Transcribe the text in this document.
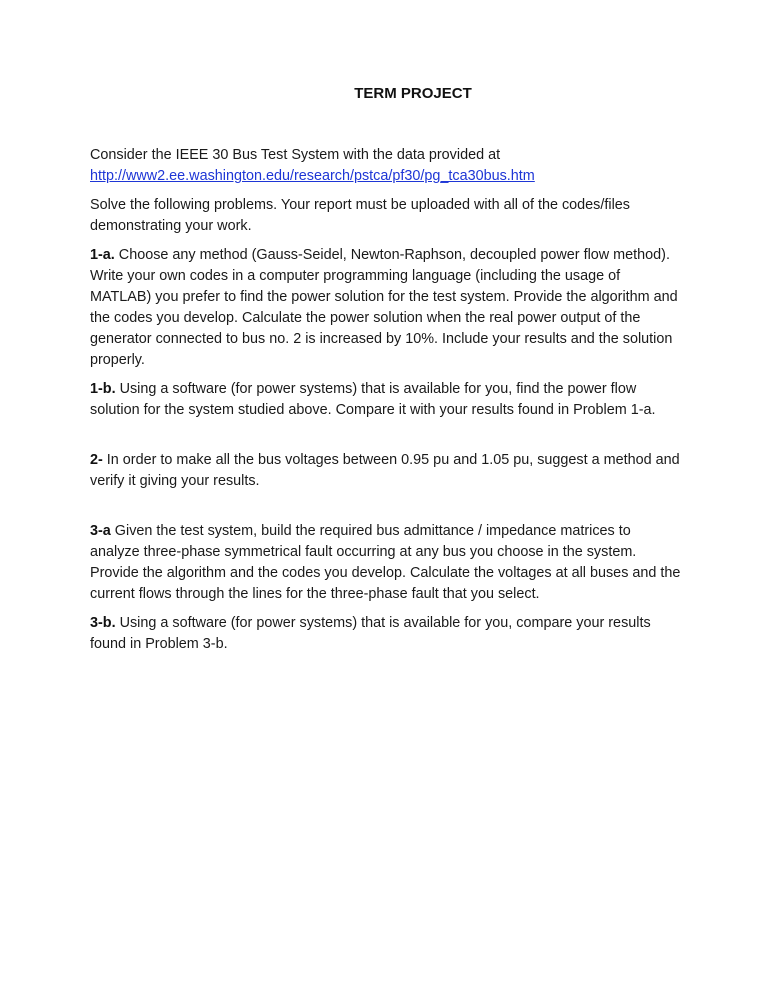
TERM PROJECT

Consider the IEEE 30 Bus Test System with the data provided at
http://www2.ee.washington.edu/research/pstca/pf30/pg_tca30bus.htm

Solve the following problems. Your report must be uploaded with all of the codes/files demonstrating your work.

1-a. Choose any method (Gauss-Seidel, Newton-Raphson, decoupled power flow method). Write your own codes in a computer programming language (including the usage of MATLAB) you prefer to find the power solution for the test system. Provide the algorithm and the codes you develop. Calculate the power solution when the real power output of the generator connected to bus no. 2 is increased by 10%. Include your results and the solution properly.

1-b. Using a software (for power systems) that is available for you, find the power flow solution for the system studied above. Compare it with your results found in Problem 1-a.

2- In order to make all the bus voltages between 0.95 pu and 1.05 pu, suggest a method and verify it giving your results.

3-a Given the test system, build the required bus admittance / impedance matrices to analyze three-phase symmetrical fault occurring at any bus you choose in the system. Provide the algorithm and the codes you develop. Calculate the voltages at all buses and the current flows through the lines for the three-phase fault that you select.

3-b. Using a software (for power systems) that is available for you, compare your results found in Problem 3-b.
